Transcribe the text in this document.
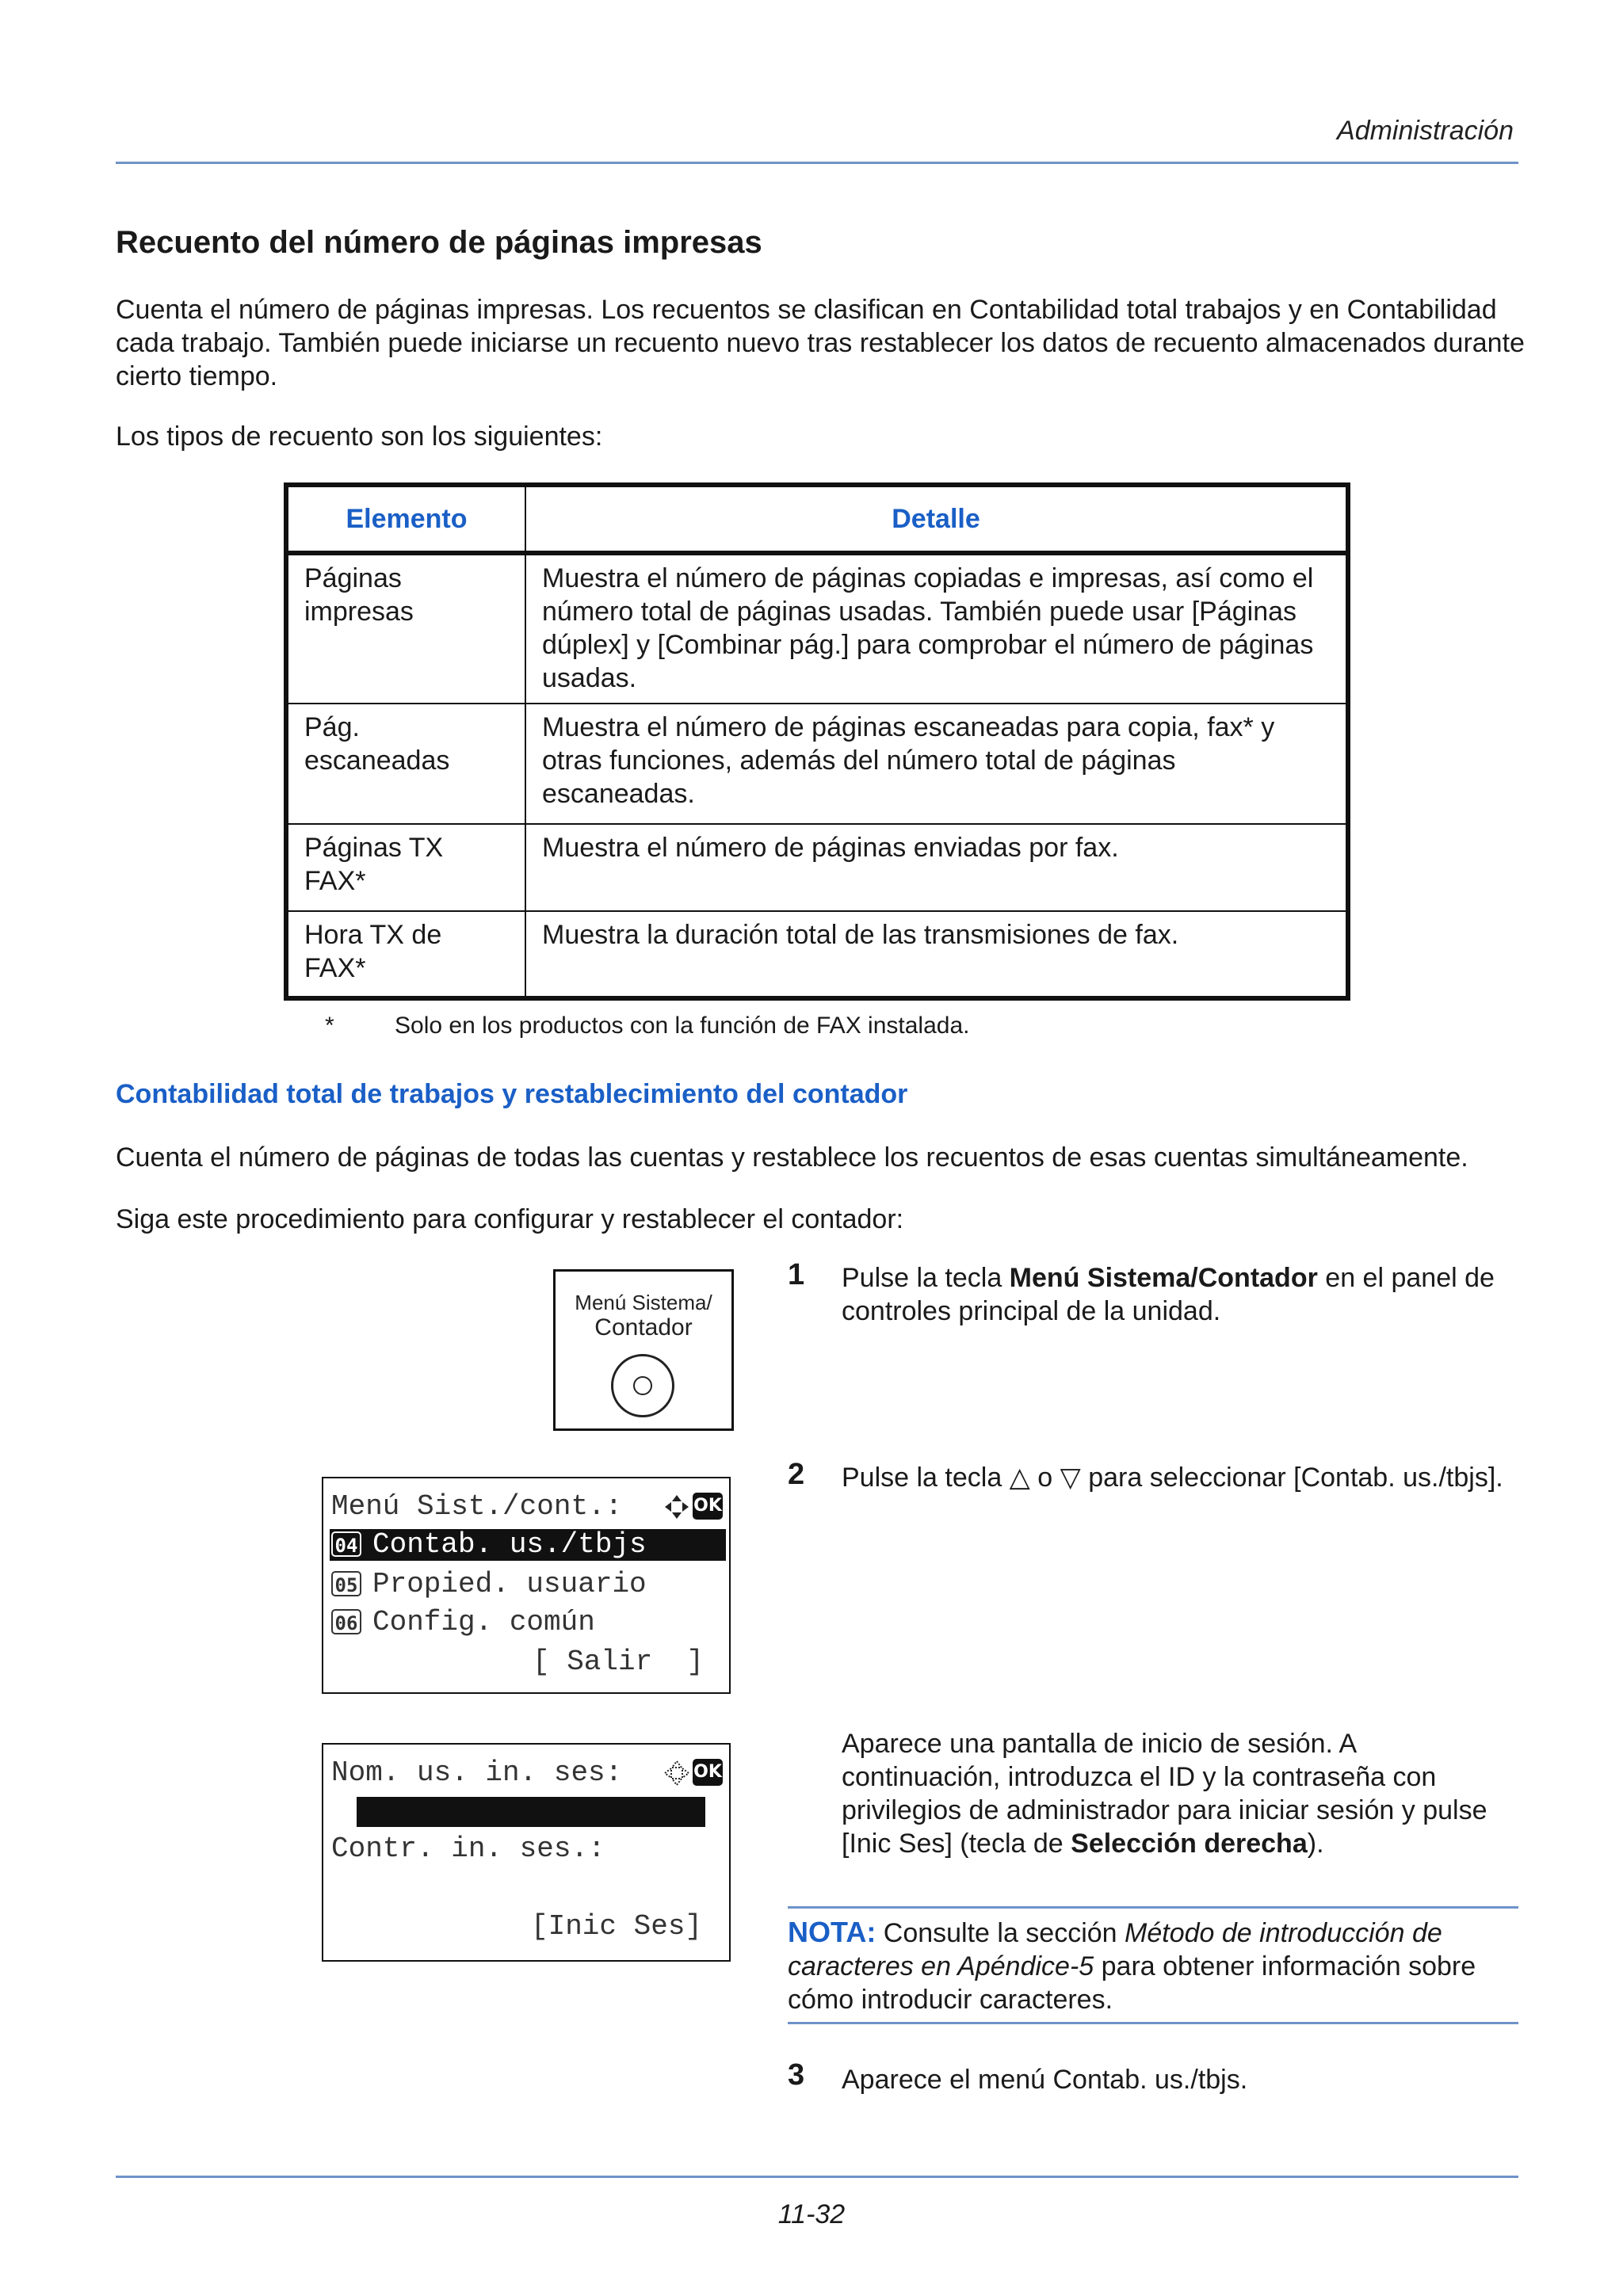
Administración
Recuento del número de páginas impresas
Cuenta el número de páginas impresas. Los recuentos se clasifican en Contabilidad total trabajos y en Contabilidad cada trabajo. También puede iniciarse un recuento nuevo tras restablecer los datos de recuento almacenados durante cierto tiempo.
Los tipos de recuento son los siguientes:
Elemento	Detalle
Páginas impresas	Muestra el número de páginas copiadas e impresas, así como el número total de páginas usadas. También puede usar [Páginas dúplex] y [Combinar pág.] para comprobar el número de páginas usadas.
Pág. escaneadas	Muestra el número de páginas escaneadas para copia, fax* y otras funciones, además del número total de páginas escaneadas.
Páginas TX FAX*	Muestra el número de páginas enviadas por fax.
Hora TX de FAX*	Muestra la duración total de las transmisiones de fax.
*	Solo en los productos con la función de FAX instalada.
Contabilidad total de trabajos y restablecimiento del contador
Cuenta el número de páginas de todas las cuentas y restablece los recuentos de esas cuentas simultáneamente.
Siga este procedimiento para configurar y restablecer el contador:
Menú Sistema/
Contador
1 Pulse la tecla Menú Sistema/Contador en el panel de controles principal de la unidad.
2 Pulse la tecla △ o ▽ para seleccionar [Contab. us./tbjs].
Menú Sist./cont.:	OK
04 Contab. us./tbjs
05 Propied. usuario
06 Config. común
[ Salir  ]
Nom. us. in. ses:	OK
Contr. in. ses.:
[Inic Ses]
Aparece una pantalla de inicio de sesión. A continuación, introduzca el ID y la contraseña con privilegios de administrador para iniciar sesión y pulse [Inic Ses] (tecla de Selección derecha).
NOTA: Consulte la sección Método de introducción de caracteres en Apéndice-5 para obtener información sobre cómo introducir caracteres.
3 Aparece el menú Contab. us./tbjs.
11-32
